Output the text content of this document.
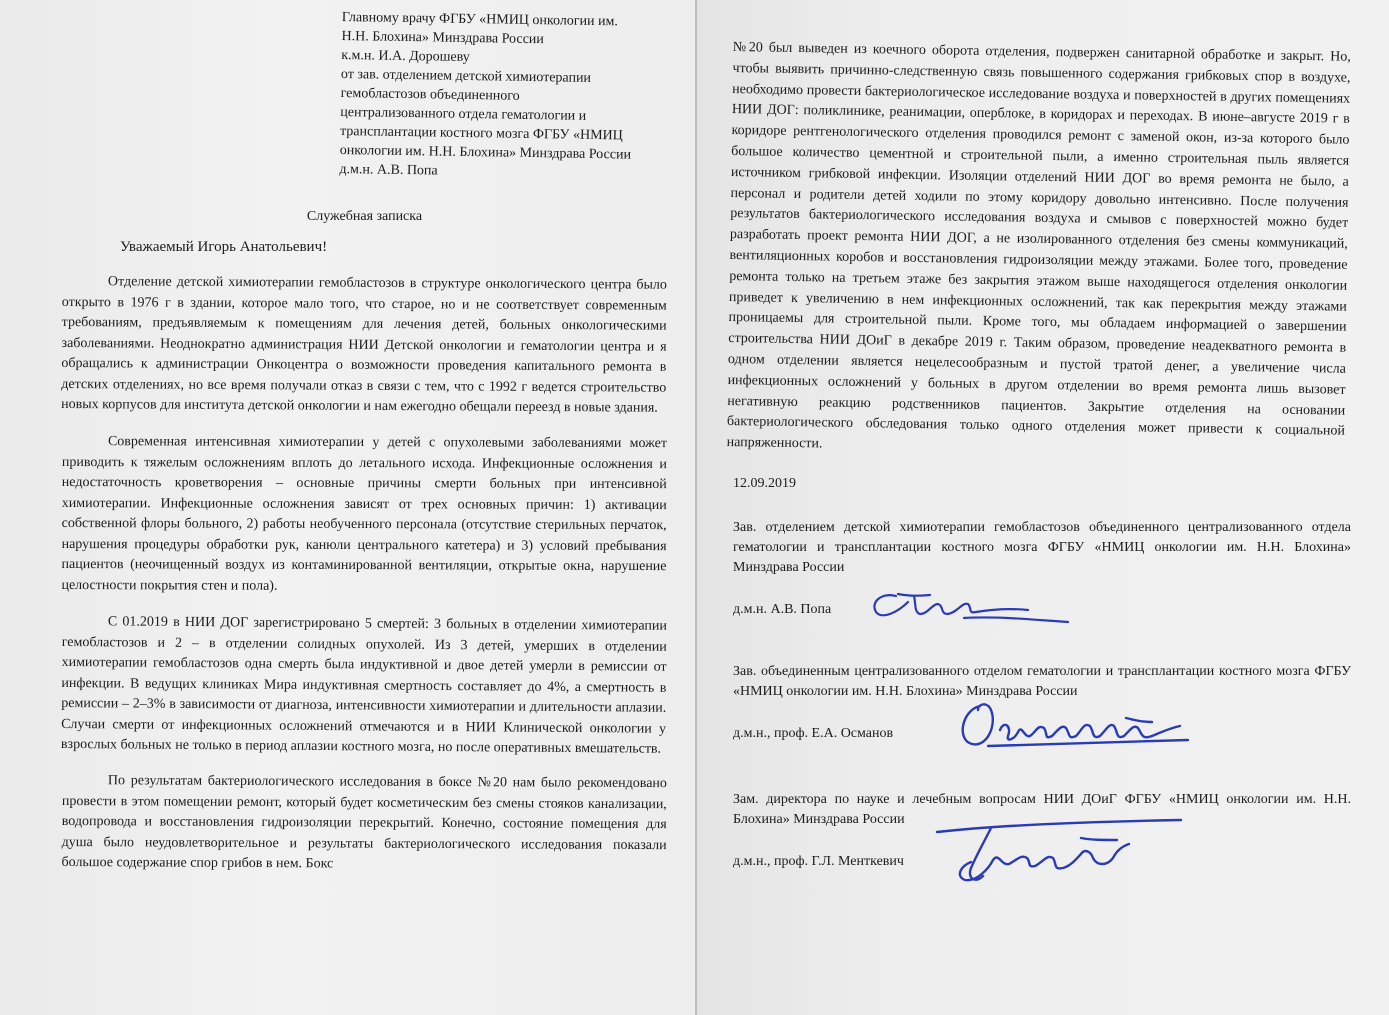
Главному врачу ФГБУ «НМИЦ онкологии им.
Н.Н. Блохина» Минздрава России
к.м.н. И.А. Дорошеву
от зав. отделением детской химиотерапии
гемобластозов объединенного
централизованного отдела гематологии и
трансплантации костного мозга ФГБУ «НМИЦ
онкологии им. Н.Н. Блохина» Минздрава России
д.м.н. А.В. Попа
Служебная записка
Уважаемый Игорь Анатольевич!

Отделение детской химиотерапии гемобластозов в структуре онкологического центра было открыто в 1976 г в здании, которое мало того, что старое, но и не соответствует современным требованиям, предъявляемым к помещениям для лечения детей, больных онкологическими заболеваниями. Неоднократно администрация НИИ Детской онкологии и гематологии центра и я обращались к администрации Онкоцентра о возможности проведения капитального ремонта в детских отделениях, но все время получали отказ в связи с тем, что с 1992 г ведется строительство новых корпусов для института детской онкологии и нам ежегодно обещали переезд в новые здания.

Современная интенсивная химиотерапии у детей с опухолевыми заболеваниями может приводить к тяжелым осложнениям вплоть до летального исхода. Инфекционные осложнения и недостаточность кроветворения – основные причины смерти больных при интенсивной химиотерапии. Инфекционные осложнения зависят от трех основных причин: 1) активации собственной флоры больного, 2) работы необученного персонала (отсутствие стерильных перчаток, нарушения процедуры обработки рук, канюли центрального катетера) и 3) условий пребывания пациентов (неочищенный воздух из контаминированной вентиляции, открытые окна, нарушение целостности покрытия стен и пола).

С 01.2019 в НИИ ДОГ зарегистрировано 5 смертей: 3 больных в отделении химиотерапии гемобластозов и 2 – в отделении солидных опухолей. Из 3 детей, умерших в отделении химиотерапии гемобластозов одна смерть была индуктивной и двое детей умерли в ремиссии от инфекции. В ведущих клиниках Мира индуктивная смертность составляет до 4%, а смертность в ремиссии – 2–3% в зависимости от диагноза, интенсивности химиотерапии и длительности аплазии. Случаи смерти от инфекционных осложнений отмечаются и в НИИ Клинической онкологии у взрослых больных не только в период аплазии костного мозга, но после оперативных вмешательств.

По результатам бактериологического исследования в боксе №20 нам было рекомендовано провести в этом помещении ремонт, который будет косметическим без смены стояков канализации, водопровода и восстановления гидроизоляции перекрытий. Конечно, состояние помещения для душа было неудовлетворительное и результаты бактериологического исследования показали большое содержание спор грибов в нем. Бокс

№20 был выведен из коечного оборота отделения, подвержен санитарной обработке и закрыт. Но, чтобы выявить причинно-следственную связь повышенного содержания грибковых спор в воздухе, необходимо провести бактериологическое исследование воздуха и поверхностей в других помещениях НИИ ДОГ: поликлинике, реанимации, оперблоке, в коридорах и переходах. В июне–августе 2019 г в коридоре рентгенологического отделения проводился ремонт с заменой окон, из-за которого было большое количество цементной и строительной пыли, а именно строительная пыль является источником грибковой инфекции. Изоляции отделений НИИ ДОГ во время ремонта не было, а персонал и родители детей ходили по этому коридору довольно интенсивно. После получения результатов бактериологического исследования воздуха и смывов с поверхностей можно будет разработать проект ремонта НИИ ДОГ, а не изолированного отделения без смены коммуникаций, вентиляционных коробов и восстановления гидроизоляции между этажами. Более того, проведение ремонта только на третьем этаже без закрытия этажом выше находящегося отделения онкологии приведет к увеличению в нем инфекционных осложнений, так как перекрытия между этажами проницаемы для строительной пыли. Кроме того, мы обладаем информацией о завершении строительства НИИ ДОиГ в декабре 2019 г. Таким образом, проведение неадекватного ремонта в одном отделении является нецелесообразным и пустой тратой денег, а увеличение числа инфекционных осложнений у больных в другом отделении во время ремонта лишь вызовет негативную реакцию родственников пациентов. Закрытие отделения на основании бактериологического обследования только одного отделения может привести к социальной напряженности.

12.09.2019
Зав. отделением детской химиотерапии гемобластозов объединенного централизованного отдела гематологии и трансплантации костного мозга ФГБУ «НМИЦ онкологии им. Н.Н. Блохина» Минздрава России
д.м.н. А.В. Попа
Зав. объединенным централизованного отделом гематологии и трансплантации костного мозга ФГБУ «НМИЦ онкологии им. Н.Н. Блохина» Минздрава России
д.м.н., проф. Е.А. Османов
Зам. директора по науке и лечебным вопросам НИИ ДОиГ ФГБУ «НМИЦ онкологии им. Н.Н. Блохина» Минздрава России
д.м.н., проф. Г.Л. Менткевич
